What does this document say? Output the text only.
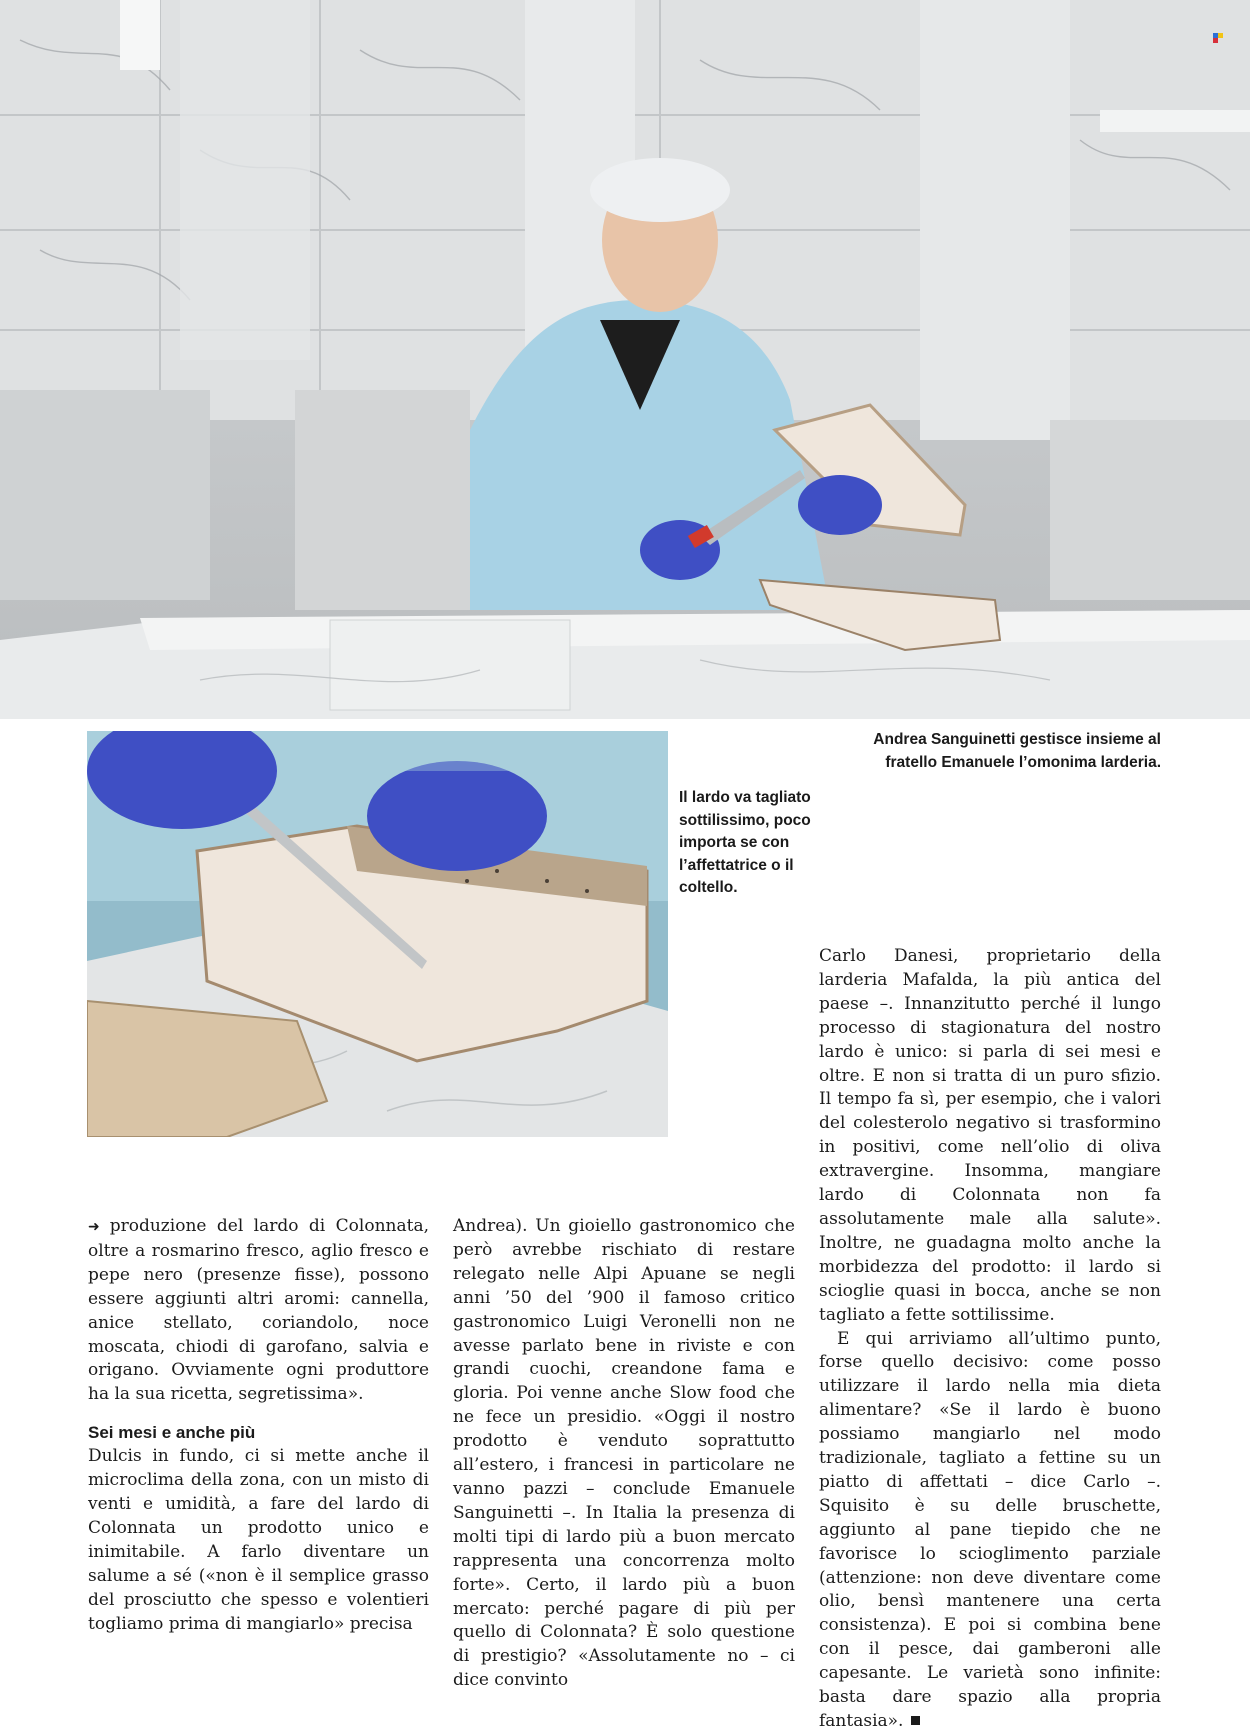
Andrea Sanguinetti gestisce insieme al fratello Emanuele l’omonima larderia.
Il lardo va tagliato sottilissimo, poco importa se con l’affettatrice o il coltello.

➜ produzione del lardo di Colonnata, oltre a rosmarino fresco, aglio fresco e pepe nero (presenze fisse), possono essere aggiunti altri aromi: cannella, anice stellato, coriandolo, noce moscata, chiodi di garofano, salvia e origano. Ovviamente ogni produttore ha la sua ricetta, segretissima».

Sei mesi e anche più

Dulcis in fundo, ci si mette anche il microclima della zona, con un misto di venti e umidità, a fare del lardo di Colonnata un prodotto unico e inimitabile. A farlo diventare un salume a sé («non è il semplice grasso del prosciutto che spesso e volentieri togliamo prima di mangiarlo» precisa

Andrea). Un gioiello gastronomico che però avrebbe rischiato di restare relegato nelle Alpi Apuane se negli anni ’50 del ’900 il famoso critico gastronomico Luigi Veronelli non ne avesse parlato bene in riviste e con grandi cuochi, creandone fama e gloria. Poi venne anche Slow food che ne fece un presidio. «Oggi il nostro prodotto è venduto soprattutto all’estero, i francesi in particolare ne vanno pazzi – conclude Emanuele Sanguinetti –. In Italia la presenza di molti tipi di lardo più a buon mercato rappresenta una concorrenza molto forte». Certo, il lardo più a buon mercato: perché pagare di più per quello di Colonnata? È solo questione di prestigio? «Assolutamente no – ci dice convinto

Carlo Danesi, proprietario della larderia Mafalda, la più antica del paese –. Innanzitutto perché il lungo processo di stagionatura del nostro lardo è unico: si parla di sei mesi e oltre. E non si tratta di un puro sfizio. Il tempo fa sì, per esempio, che i valori del colesterolo negativo si trasformino in positivi, come nell’olio di oliva extravergine. Insomma, mangiare lardo di Colonnata non fa assolutamente male alla salute». Inoltre, ne guadagna molto anche la morbidezza del prodotto: il lardo si scioglie quasi in bocca, anche se non tagliato a fette sottilissime.

E qui arriviamo all’ultimo punto, forse quello decisivo: come posso utilizzare il lardo nella mia dieta alimentare? «Se il lardo è buono possiamo mangiarlo nel modo tradizionale, tagliato a fettine su un piatto di affettati – dice Carlo –. Squisito è su delle bruschette, aggiunto al pane tiepido che ne favorisce lo scioglimento parziale (attenzione: non deve diventare come olio, bensì mantenere una certa consistenza). E poi si combina bene con il pesce, dai gamberoni alle capesante. Le varietà sono infinite: basta dare spazio alla propria fantasia».
